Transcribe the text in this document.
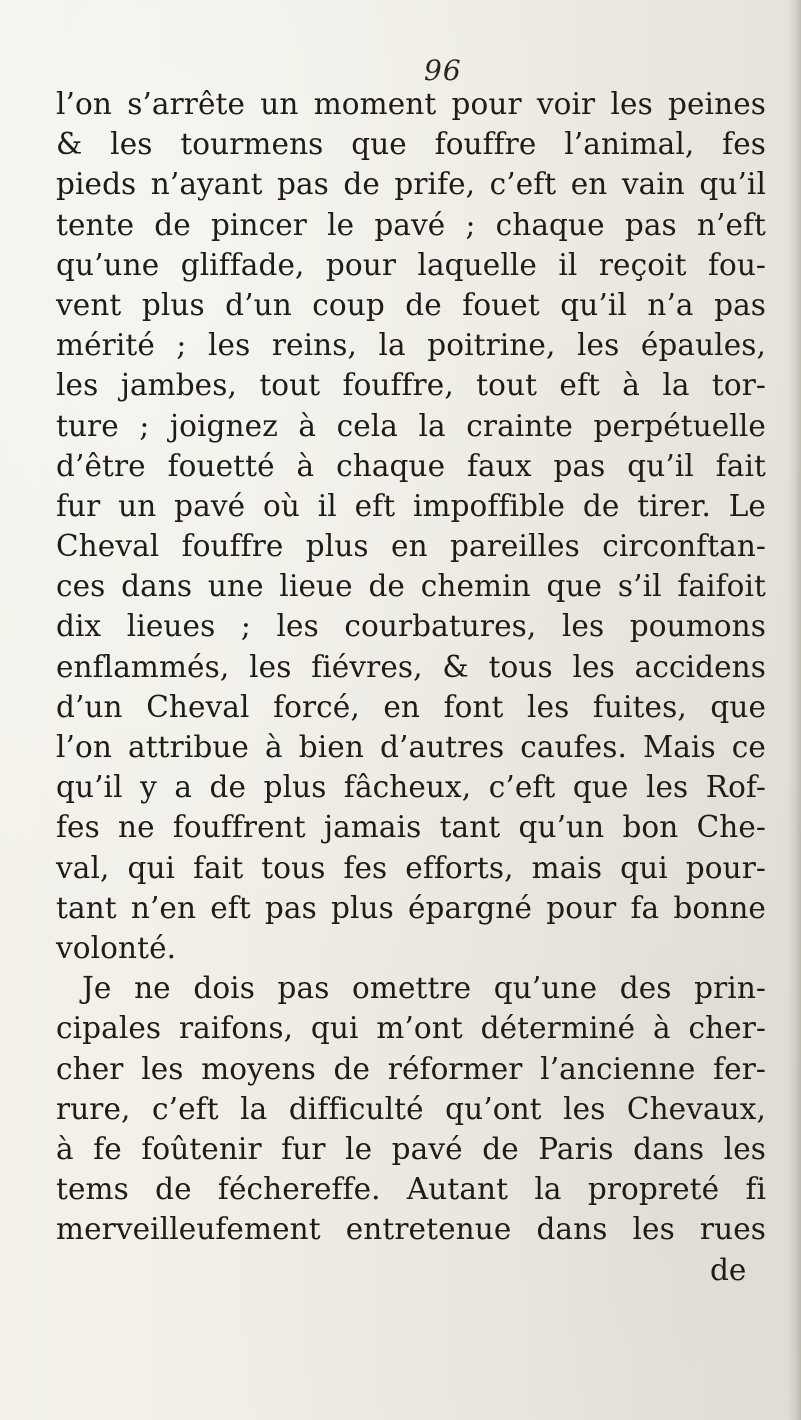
96
l’on s’arrête un moment pour voir les peines
& les tourmens que fouffre l’animal, fes
pieds n’ayant pas de prife, c’eft en vain qu’il
tente de pincer le pavé ; chaque pas n’eft
qu’une gliffade, pour laquelle il reçoit fou-
vent plus d’un coup de fouet qu’il n’a pas
mérité ; les reins, la poitrine, les épaules,
les jambes, tout fouffre, tout eft à la tor-
ture ; joignez à cela la crainte perpétuelle
d’être fouetté à chaque faux pas qu’il fait
fur un pavé où il eft impoffible de tirer. Le
Cheval fouffre plus en pareilles circonftan-
ces dans une lieue de chemin que s’il faifoit
dix lieues ; les courbatures, les poumons
enflammés, les fiévres, & tous les accidens
d’un Cheval forcé, en font les fuites, que
l’on attribue à bien d’autres caufes. Mais ce
qu’il y a de plus fâcheux, c’eft que les Rof-
fes ne fouffrent jamais tant qu’un bon Che-
val, qui fait tous fes efforts, mais qui pour-
tant n’en eft pas plus épargné pour fa bonne
volonté.
Je ne dois pas omettre qu’une des prin-
cipales raifons, qui m’ont déterminé à cher-
cher les moyens de réformer l’ancienne fer-
rure, c’eft la difficulté qu’ont les Chevaux,
à fe foûtenir fur le pavé de Paris dans les
tems de féchereffe. Autant la propreté fi
merveilleufement entretenue dans les rues
de
